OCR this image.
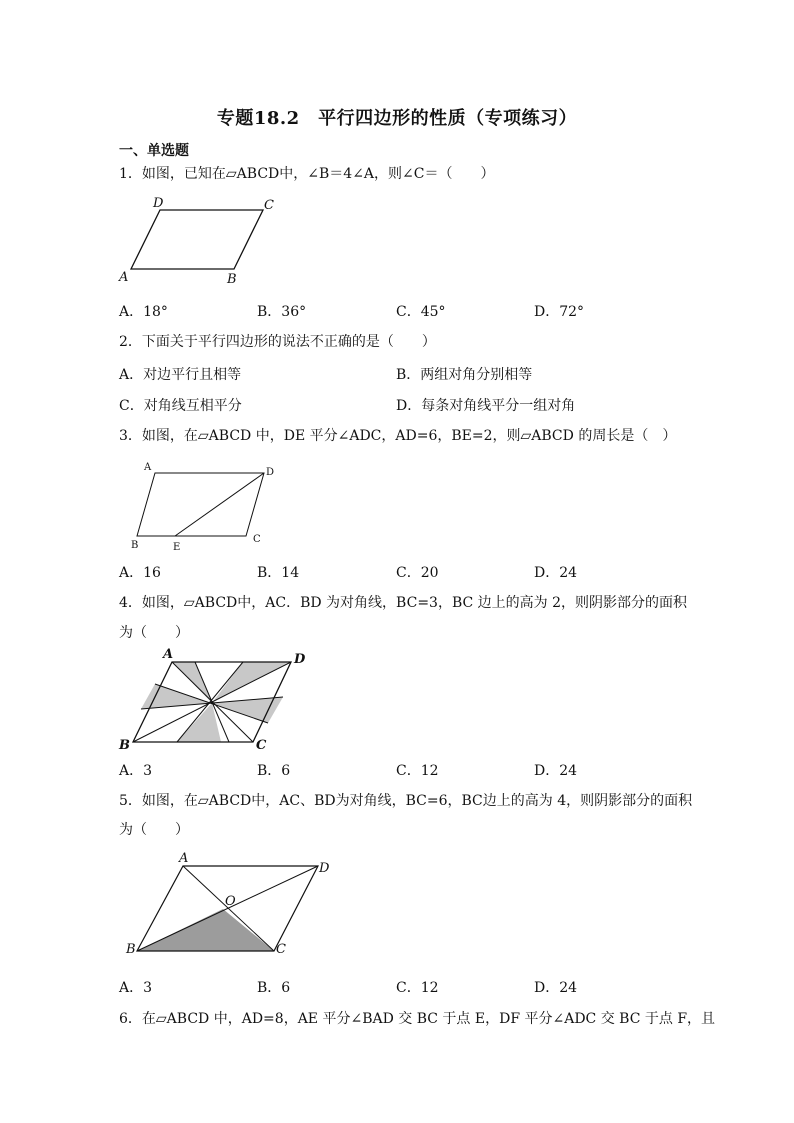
专题18.2　平行四边形的性质（专项练习）
一、单选题
1．如图，已知在▱ABCD中，∠B＝4∠A，则∠C＝（　　）
D	C
A	B
A．18°	B．36°	C．45°	D．72°
2．下面关于平行四边形的说法不正确的是（　　）
A．对边平行且相等	B．两组对角分别相等
C．对角线互相平分	D．每条对角线平分一组对角
3．如图，在▱ABCD 中，DE 平分∠ADC，AD=6，BE=2，则▱ABCD 的周长是（　）
A	D
B	E
C
A．16	B．14	C．20	D．24
4．如图，▱ABCD中，AC．BD 为对角线，BC=3，BC 边上的高为 2，则阴影部分的面积
为（　　）
A	D
B	C
A．3	B．6	C．12	D．24
5．如图，在▱ABCD中，AC、BD为对角线，BC=6，BC边上的高为 4，则阴影部分的面积
为（　　）
A
D
O
B	C
A．3	B．6	C．12	D．24
6．在▱ABCD 中，AD=8，AE 平分∠BAD 交 BC 于点 E，DF 平分∠ADC 交 BC 于点 F，且
